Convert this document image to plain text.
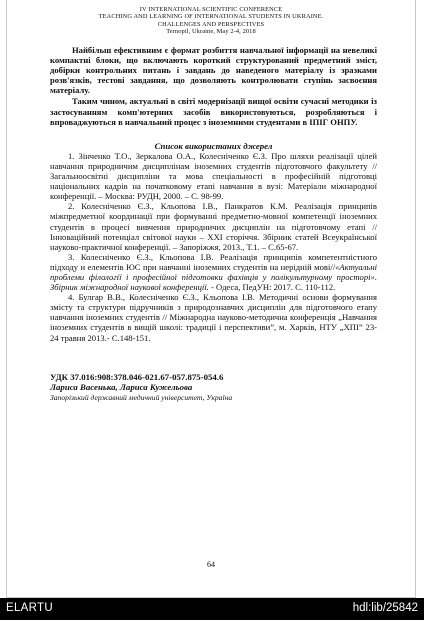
IV INTERNATIONAL SCIENTIFIC CONFERENCE
TEACHING AND LEARNING OF INTERNATIONAL STUDENTS IN UKRAINE.
CHALLENGES AND PERSPECTIVES
Ternopil, Ukraine, May 2-4, 2018

Найбільш ефективним є формат розбиття навчальної інформації на невеликі компактні блоки, що включають короткий структурований предметний зміст, добірки контрольних питань і завдань до наведеного матеріалу із зразками розв'язків, тестові завдання, що дозволяють контролювати ступінь засвоєння матеріалу.

Таким чином, актуальні в світі модернізації вищої освіти сучасні методики із застосуванням комп'ютерних засобів використовуються, розробляються і впроваджуються в навчальний процес з іноземними студентами в ІПІГ ОНПУ.

Список використаних джерел

1. Зінченко Т.О., Зеркалова О.А., Колесніченко Є.З. Про шляхи реалізації цілей навчання природничим дисциплінам іноземних студентів підготовчого факультету // Загальноосвітні дисципліни та мова спеціальності в професійній підготовці національних кадрів на початковому етапі навчання в вузі: Матеріали міжнародної конференції. – Москва: РУДН, 2000. – С. 98-99.

2. Колесніченко Є.З., Кльопова І.В., Панкратов К.М. Реалізація принципів міжпредметної координації при формуванні предметно-мовної компетенції іноземних студентів в процесі вивчення природничих дисциплін на підготовчому етапі // Інноваційний потенціал світової науки – XXI сторіччя. Збірник статей Всеукраїнської науково-практичної конференції. – Запоріжжя, 2013., Т.1. – С.65-67.

3. Колесніченко Є.З., Кльопова І.В. Реалізація принципів компетентністного підходу и елементів ЮС при навчанні іноземних студентів на нерідній мові//«Актуальні проблеми філології і професійної підготовки фахівців у полікультурному просторі». Збірник міжнародної наукової конференції. - Одеса, ПедУН: 2017. С. 110-112.

4. Булгар В.В., Колесніченко Є.З., Кльопова І.В. Методичні основи формування змісту та структури підручників з природознавчих дисциплін для підготовчого етапу навчання іноземних студентів // Міжнародна науково-методична конференція „Навчання іноземних студентів в вищій школі: традиції і перспективи”, м. Харків, НТУ „ХПІ” 23-24 травня 2013.- С.148-151.

УДК 37.016:908:378.046-021.67-057.875-054.6
Лариса Васенька, Лариса Кужельова
Запорізький державний медичний університет, Україна
64
ELARTU	hdl:lib/25842
